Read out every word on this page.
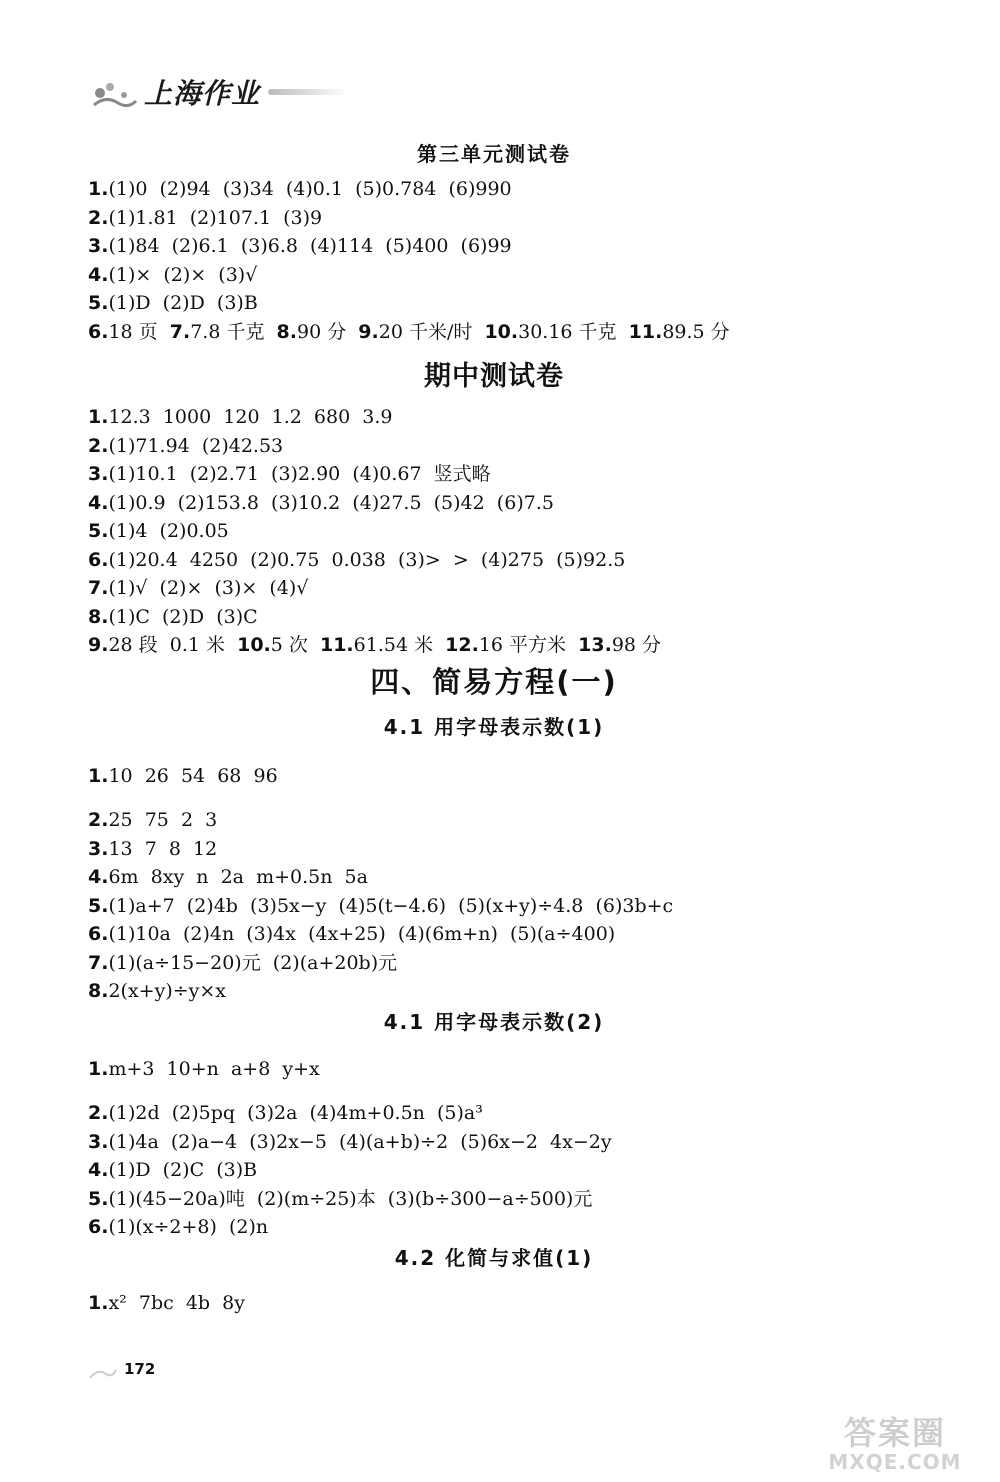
上海作业
第三单元测试卷
1.(1)0  (2)94  (3)34  (4)0.1  (5)0.784  (6)990
2.(1)1.81  (2)107.1  (3)9
3.(1)84  (2)6.1  (3)6.8  (4)114  (5)400  (6)99
4.(1)×  (2)×  (3)√
5.(1)D  (2)D  (3)B
6.18 页  7.7.8 千克  8.90 分  9.20 千米/时  10.30.16 千克  11.89.5 分
期中测试卷
1.12.3  1000  120  1.2  680  3.9
2.(1)71.94  (2)42.53
3.(1)10.1  (2)2.71  (3)2.9̇0̇  (4)0.67  竖式略
4.(1)0.9  (2)153.8  (3)10.2  (4)27.5  (5)42  (6)7.5
5.(1)4  (2)0.05
6.(1)20.4  4250  (2)0.75  0.038  (3)>  >  (4)275  (5)92.5
7.(1)√  (2)×  (3)×  (4)√
8.(1)C  (2)D  (3)C
9.28 段  0.1 米  10.5 次  11.61.54 米  12.16 平方米  13.98 分
四、简易方程(一)
4.1 用字母表示数(1)
1.10  26  54  68  96
2.25  75  2  3
3.13  7  8  12
4.6m  8xy  n  2a  m+0.5n  5a
5.(1)a+7  (2)4b  (3)5x−y  (4)5(t−4.6)  (5)(x+y)÷4.8  (6)3b+c
6.(1)10a  (2)4n  (3)4x  (4x+25)  (4)(6m+n)  (5)(a÷400)
7.(1)(a÷15−20)元  (2)(a+20b)元
8.2(x+y)÷y×x
4.1 用字母表示数(2)
1.m+3  10+n  a+8  y+x
2.(1)2d  (2)5pq  (3)2a  (4)4m+0.5n  (5)a³
3.(1)4a  (2)a−4  (3)2x−5  (4)(a+b)÷2  (5)6x−2  4x−2y
4.(1)D  (2)C  (3)B
5.(1)(45−20a)吨  (2)(m÷25)本  (3)(b÷300−a÷500)元
6.(1)(x÷2+8)  (2)n
4.2 化简与求值(1)
1.x²  7bc  4b  8y
172
答案圈
MXQE.COM
